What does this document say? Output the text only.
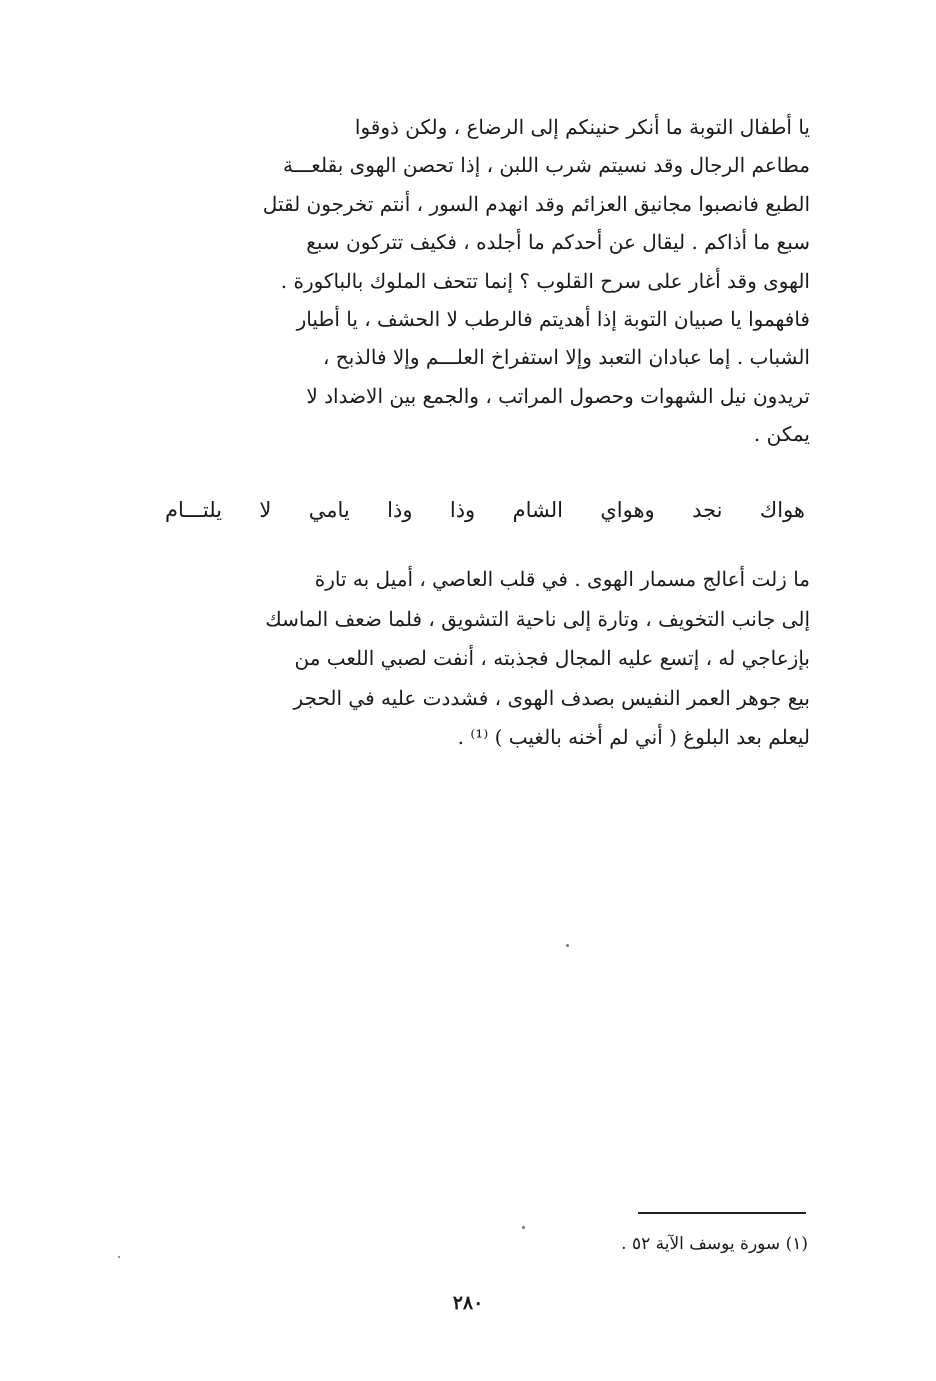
يا أطفال التوبة ما أنكر حنينكم إلى الرضاع ، ولكن ذوقوا
مطاعم الرجال وقد نسيتم شرب اللبن ، إذا تحصن الهوى بقلعـــة
الطبع فانصبوا مجانيق العزائم وقد انهدم السور ، أنتم تخرجون لقتل
سبع ما أذاكم . ليقال عن أحدكم ما أجلده ، فكيف تتركون سبع
الهوى وقد أغار على سرح القلوب ؟ إنما تتحف الملوك بالباكورة .
فافهموا يا صبيان التوبة إذا أهديتم فالرطب لا الحشف ، يا أطيار
الشباب . إما عبادان التعبد وإلا استفراخ العلـــم وإلا فالذبح ،
تريدون نيل الشهوات وحصول المراتب ، والجمع بين الاضداد لا
يمكن .
هواك
نجد
وهواي
الشام
وذا
وذا
يامي
لا
يلتـــام
ما زلت أعالج مسمار الهوى . في قلب العاصي ، أميل به تارة
إلى جانب التخويف ، وتارة إلى ناحية التشويق ، فلما ضعف الماسك
بإزعاجي له ، إتسع عليه المجال فجذبته ، أنفت لصبي اللعب من
بيع جوهر العمر النفيس بصدف الهوى ، فشددت عليه في الحجر
ليعلم بعد البلوغ ( أني لم أخنه بالغيب ) ⁽¹⁾ .
(١) سورة يوسف الآية ٥٢ .
٢٨٠
